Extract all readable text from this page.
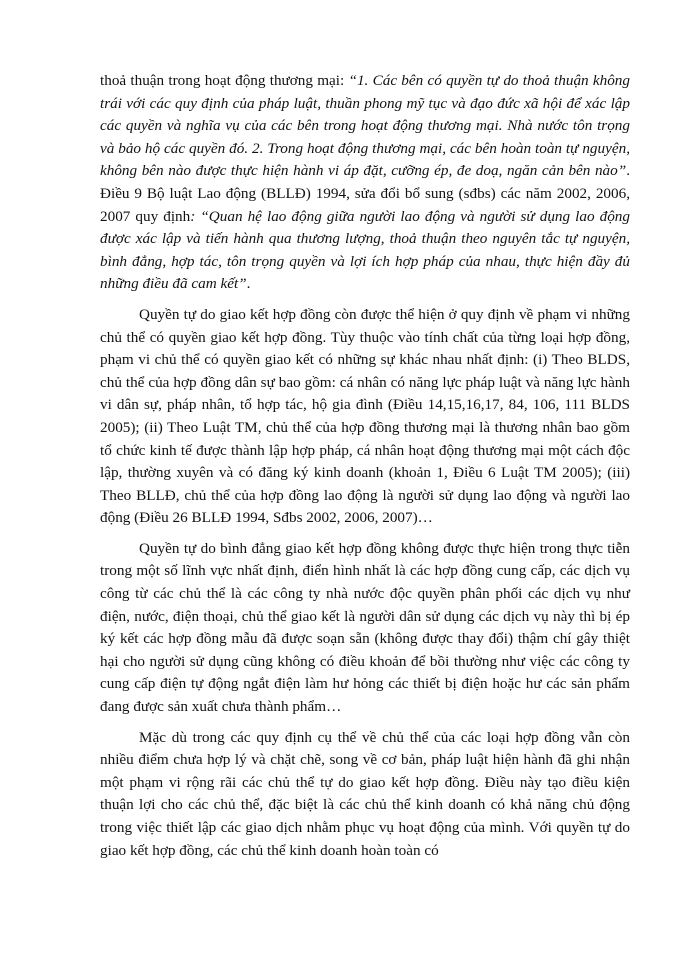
thoả thuận trong hoạt động thương mại: “1. Các bên có quyền tự do thoả thuận không trái với các quy định của pháp luật, thuần phong mỹ tục và đạo đức xã hội để xác lập các quyền và nghĩa vụ của các bên trong hoạt động thương mại. Nhà nước tôn trọng và bảo hộ các quyền đó. 2. Trong hoạt động thương mại, các bên hoàn toàn tự nguyện, không bên nào được thực hiện hành vi áp đặt, cưỡng ép, đe doạ, ngăn cản bên nào”. Điều 9 Bộ luật Lao động (BLLĐ) 1994, sửa đổi bổ sung (sđbs) các năm 2002, 2006, 2007 quy định: “Quan hệ lao động giữa người lao động và người sử dụng lao động được xác lập và tiến hành qua thương lượng, thoả thuận theo nguyên tắc tự nguyện, bình đẳng, hợp tác, tôn trọng quyền và lợi ích hợp pháp của nhau, thực hiện đầy đủ những điều đã cam kết”.

Quyền tự do giao kết hợp đồng còn được thể hiện ở quy định về phạm vi những chủ thể có quyền giao kết hợp đồng. Tùy thuộc vào tính chất của từng loại hợp đồng, phạm vi chủ thể có quyền giao kết có những sự khác nhau nhất định: (i) Theo BLDS, chủ thể của hợp đồng dân sự bao gồm: cá nhân có năng lực pháp luật và năng lực hành vi dân sự, pháp nhân, tổ hợp tác, hộ gia đình (Điều 14,15,16,17, 84, 106, 111 BLDS 2005); (ii) Theo Luật TM, chủ thể của hợp đồng thương mại là thương nhân bao gồm tổ chức kinh tế được thành lập hợp pháp, cá nhân hoạt động thương mại một cách độc lập, thường xuyên và có đăng ký kinh doanh (khoản 1, Điều 6 Luật TM 2005); (iii) Theo BLLĐ, chủ thể của hợp đồng lao động là người sử dụng lao động và người lao động (Điều 26 BLLĐ 1994, Sđbs 2002, 2006, 2007)…

Quyền tự do bình đẳng giao kết hợp đồng không được thực hiện trong thực tiễn trong một số lĩnh vực nhất định, điển hình nhất là các hợp đồng cung cấp, các dịch vụ công từ các chủ thể là các công ty nhà nước độc quyền phân phối các dịch vụ như điện, nước, điện thoại, chủ thể giao kết là người dân sử dụng các dịch vụ này thì bị ép ký kết các hợp đồng mẫu đã được soạn sẵn (không được thay đổi) thậm chí gây thiệt hại cho người sử dụng cũng không có điều khoản để bồi thường như việc các công ty cung cấp điện tự động ngắt điện làm hư hỏng các thiết bị điện hoặc hư các sản phẩm đang được sản xuất chưa thành phẩm…

Mặc dù trong các quy định cụ thể về chủ thể của các loại hợp đồng vẫn còn nhiều điểm chưa hợp lý và chặt chẽ, song về cơ bản, pháp luật hiện hành đã ghi nhận một phạm vi rộng rãi các chủ thể tự do giao kết hợp đồng. Điều này tạo điều kiện thuận lợi cho các chủ thể, đặc biệt là các chủ thể kinh doanh có khả năng chủ động trong việc thiết lập các giao dịch nhằm phục vụ hoạt động của mình. Với quyền tự do giao kết hợp đồng, các chủ thể kinh doanh hoàn toàn có
